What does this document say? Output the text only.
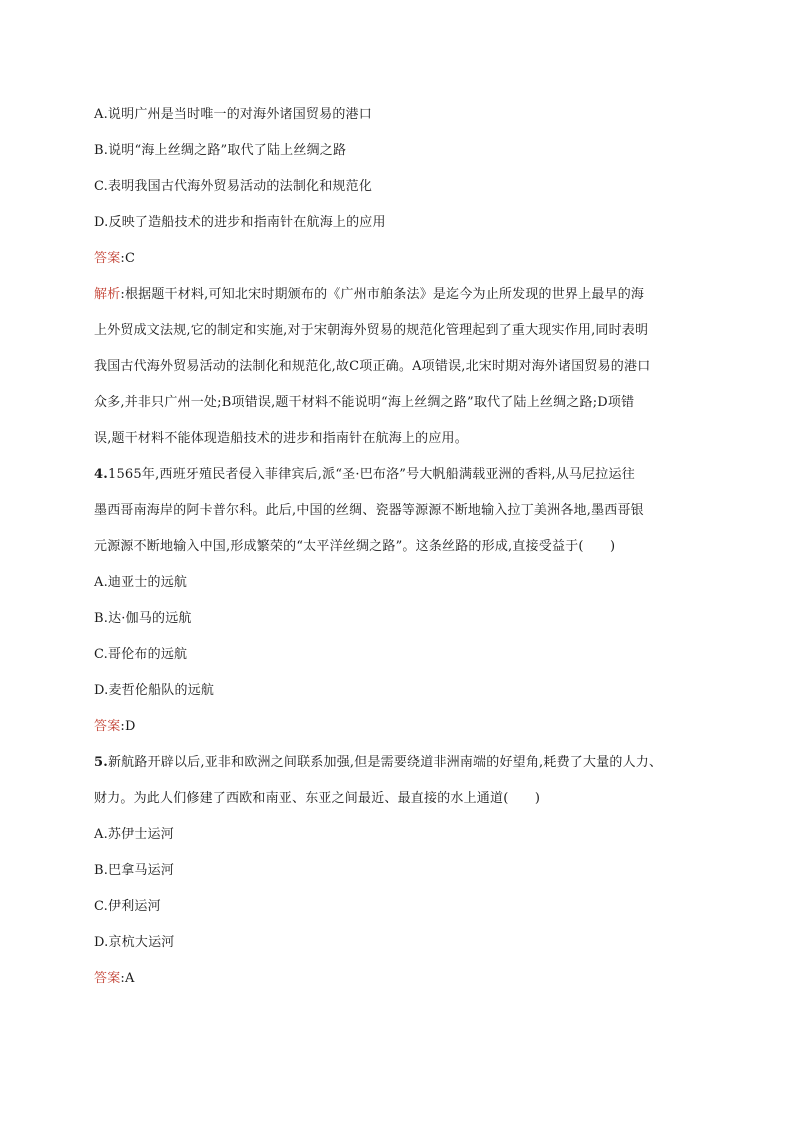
A.说明广州是当时唯一的对海外诸国贸易的港口
B.说明“海上丝绸之路”取代了陆上丝绸之路
C.表明我国古代海外贸易活动的法制化和规范化
D.反映了造船技术的进步和指南针在航海上的应用
答案:C
解析:根据题干材料,可知北宋时期颁布的《广州市舶条法》是迄今为止所发现的世界上最早的海
上外贸成文法规,它的制定和实施,对于宋朝海外贸易的规范化管理起到了重大现实作用,同时表明
我国古代海外贸易活动的法制化和规范化,故C项正确。A项错误,北宋时期对海外诸国贸易的港口
众多,并非只广州一处;B项错误,题干材料不能说明“海上丝绸之路”取代了陆上丝绸之路;D项错
误,题干材料不能体现造船技术的进步和指南针在航海上的应用。
4.1565年,西班牙殖民者侵入菲律宾后,派“圣·巴布洛”号大帆船满载亚洲的香料,从马尼拉运往
墨西哥南海岸的阿卡普尔科。此后,中国的丝绸、瓷器等源源不断地输入拉丁美洲各地,墨西哥银
元源源不断地输入中国,形成繁荣的“太平洋丝绸之路”。这条丝路的形成,直接受益于(　　)
A.迪亚士的远航
B.达·伽马的远航
C.哥伦布的远航
D.麦哲伦船队的远航
答案:D
5.新航路开辟以后,亚非和欧洲之间联系加强,但是需要绕道非洲南端的好望角,耗费了大量的人力、
财力。为此人们修建了西欧和南亚、东亚之间最近、最直接的水上通道(　　)
A.苏伊士运河
B.巴拿马运河
C.伊利运河
D.京杭大运河
答案:A
